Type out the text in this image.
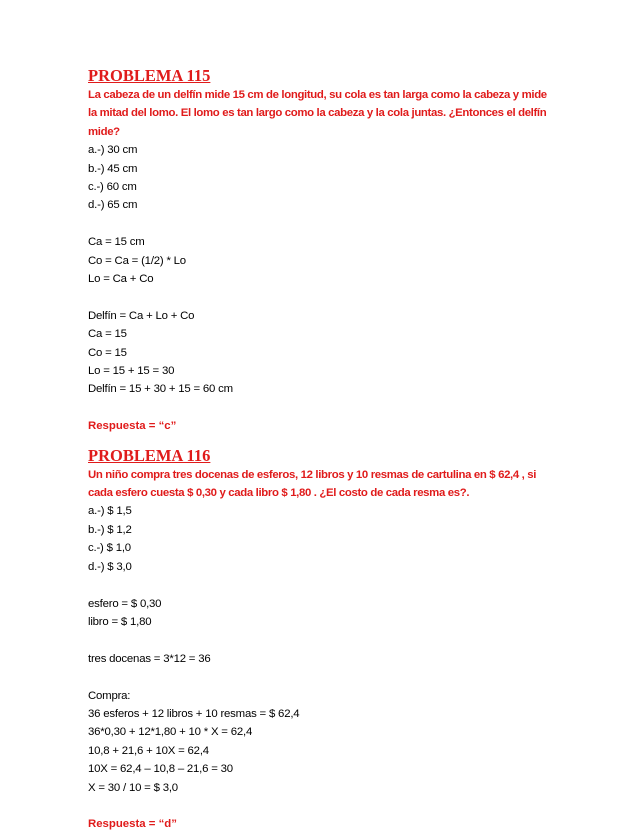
PROBLEMA 115

La cabeza de un delfín mide 15 cm de longitud, su cola es tan larga como la cabeza y mide la mitad del lomo. El lomo es tan largo como la cabeza y la cola juntas. ¿Entonces el delfín mide?

a.-) 30 cm

b.-) 45 cm

c.-) 60 cm

d.-) 65 cm

Ca = 15 cm

Co = Ca = (1/2) * Lo

Lo = Ca + Co

Delfín = Ca + Lo + Co

Ca = 15

Co = 15

Lo = 15 + 15 = 30

Delfín = 15 + 30 + 15 = 60 cm

Respuesta = “c”

PROBLEMA 116

Un niño compra tres docenas de esferos, 12 libros y 10 resmas de cartulina en $ 62,4 , si cada esfero cuesta $ 0,30 y cada libro $ 1,80 . ¿El costo de cada resma es?.

a.-) $ 1,5

b.-) $ 1,2

c.-) $ 1,0

d.-) $ 3,0

esfero = $ 0,30

libro = $ 1,80

tres docenas = 3*12 = 36

Compra:

36 esferos + 12 libros + 10 resmas = $ 62,4

36*0,30 + 12*1,80 + 10 * X = 62,4

10,8 + 21,6 + 10X = 62,4

10X = 62,4 – 10,8 – 21,6 = 30

X = 30 / 10 = $ 3,0

Respuesta = “d”
